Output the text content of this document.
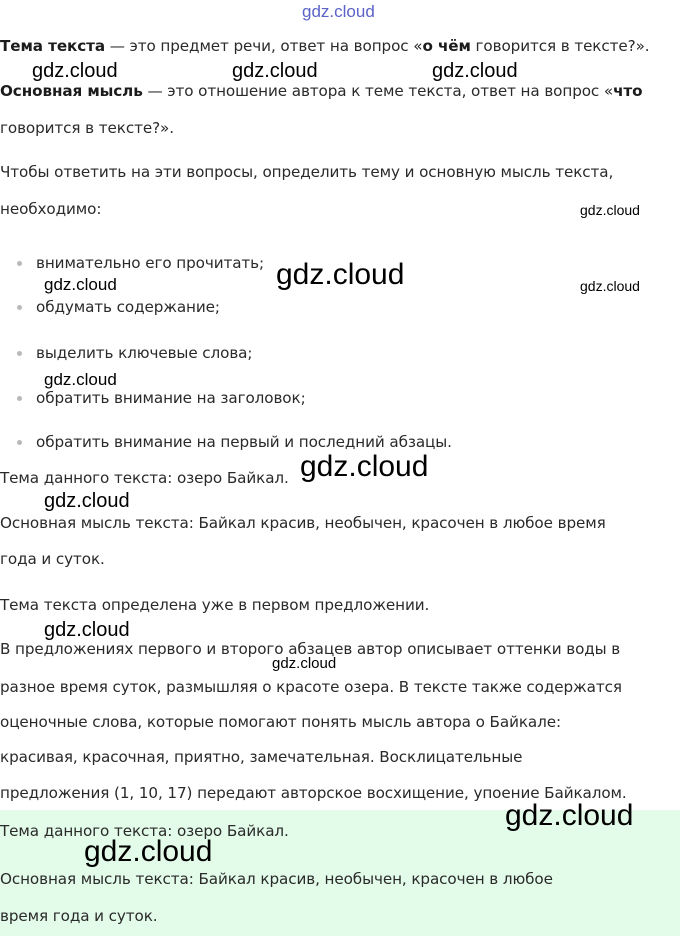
Тема текста — это предмет речи, ответ на вопрос «о чём говорится в тексте?».
Основная мысль — это отношение автора к теме текста, ответ на вопрос «что
говорится в тексте?».
Чтобы ответить на эти вопросы, определить тему и основную мысль текста,
необходимо:
внимательно его прочитать;
обдумать содержание;
выделить ключевые слова;
обратить внимание на заголовок;
обратить внимание на первый и последний абзацы.
Тема данного текста: озеро Байкал.
Основная мысль текста: Байкал красив, необычен, красочен в любое время
года и суток.
Тема текста определена уже в первом предложении.
В предложениях первого и второго абзацев автор описывает оттенки воды в
разное время суток, размышляя о красоте озера. В тексте также содержатся
оценочные слова, которые помогают понять мысль автора о Байкале:
красивая, красочная, приятно, замечательная. Восклицательные
предложения (1, 10, 17) передают авторское восхищение, упоение Байкалом.
Тема данного текста: озеро Байкал.
Основная мысль текста: Байкал красив, необычен, красочен в любое
время года и суток.
gdz.cloud
gdz.cloud	gdz.cloud	gdz.cloud
gdz.cloud
gdz.cloud
gdz.cloud	gdz.cloud
gdz.cloud
gdz.cloud
gdz.cloud
gdz.cloud
gdz.cloud
gdz.cloud
gdz.cloud
